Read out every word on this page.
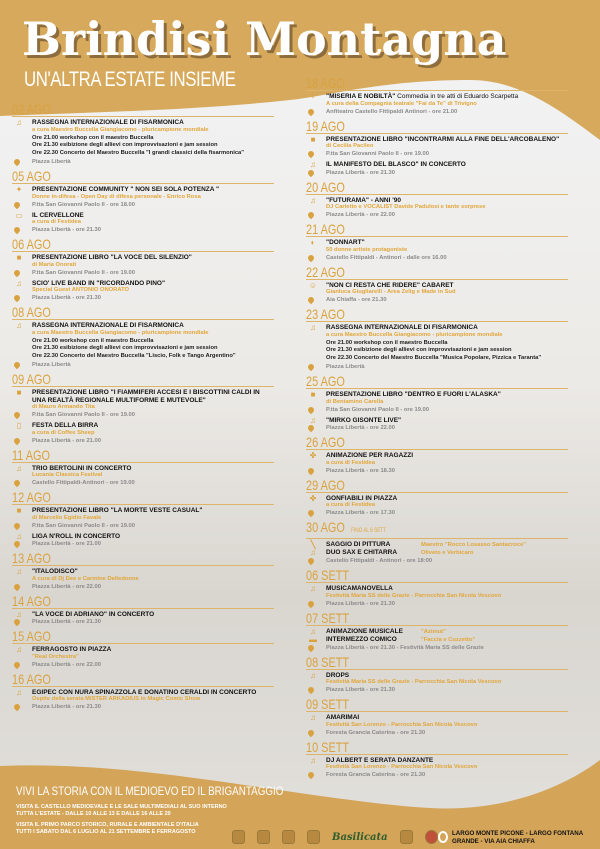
Brindisi Montagna
UN'ALTRA ESTATE INSIEME
02 AGO
♫	RASSEGNA INTERNAZIONALE DI FISARMONICA
a cura Maestro Buccella Giangiacomo - pluricampione mondiale
Ore 21.00 workshop con il maestro Buccella
Ore 21.30 esibizione degli allievi con improvvisazioni e jam session
Ore 22.30 Concerto del Maestro Buccella "I grandi classici della fisarmonica"
Piazza Libertà
05 AGO
✦ PRESENTAZIONE COMMUNITY " NON SEI SOLA POTENZA "
Donne in-difesa - Open Day di difesa personale - Enrico Rosa
P.tta San Giovanni Paolo II - ore 18.00
▭ IL CERVELLONE
a cura di Festidea
Piazza Libertà - ore 21.30
06 AGO
■	PRESENTAZIONE LIBRO "LA VOCE DEL SILENZIO"
di Maria Onorati
P.tta San Giovanni Paolo II - ore 19.00
♫	SCIO' LIVE BAND IN "RICORDANDO PINO"
Special Guest ANTONIO ONORATO
Piazza Libertà - ore 21.30
08 AGO
♫	RASSEGNA INTERNAZIONALE DI FISARMONICA
a cura Maestro Buccella Giangiacomo - pluricampione mondiale
Ore 21.00 workshop con il maestro Buccella
Ore 21.30 esibizione degli allievi con improvvisazioni e jam session
Ore 22.30 Concerto del Maestro Buccella "Liscio, Folk e Tango Argentino"
Piazza Libertà
09 AGO
■	PRESENTAZIONE LIBRO "I FIAMMIFERI ACCESI E I BISCOTTINI CALDI IN UNA REALTÀ REGIONALE MULTIFORME E MUTEVOLE"
di Mauro Armando Tita
P.tta San Giovanni Paolo II - ore 19.00
▯	FESTA DELLA BIRRA
a cura di Coffee Sheep
Piazza Libertà - ore 21.00
11 AGO
♫	TRIO BERTOLINI IN CONCERTO
Lucania Classica Festival
Castello Fittipaldi-Antinori - ore 19.00
12 AGO
■	PRESENTAZIONE LIBRO "LA MORTE VESTE CASUAL"
di Marcello Egidio Favale
P.tta San Giovanni Paolo II - ore 19.00
♫	LIGA N'ROLL IN CONCERTO
Piazza Libertà - ore 21.00
13 AGO
♫	"ITALODISCO"
A cura di Dj Dee e Carmine Delledonne
Piazza Libertà - ore 22.00
14 AGO
♫	"LA VOCE DI ADRIANO" IN CONCERTO
Piazza Libertà - ore 21.30
15 AGO
♫	FERRAGOSTO IN PIAZZA
"Real Orchestra"
Piazza Libertà - ore 22.00
16 AGO
♫	EGIPEC CON NURA SPINAZZOLA E DONATINO CERALDI IN CONCERTO
Ospite della serata MISTER ARKADIUS in Magic Comic Show
Piazza Libertà - ore 21.30
18 AGO
✧ "MISERIA E NOBILTÀ" Commedia in tre atti di Eduardo Scarpetta
A cura della Compagnia teatrale "Fai da Te" di Trivigno
Anfiteatro Castello Fittipaldi Antinori - ore 21.00
19 AGO
■	PRESENTAZIONE LIBRO "INCONTRARMI ALLA FINE DELL'ARCOBALENO"
di Cecilia Pacileo
P.tta San Giovanni Paolo II - ore 19.00
♫	IL MANIFESTO DEL BLASCO" IN CONCERTO
Piazza Libertà - ore 21.30
20 AGO
♫	"FUTURAMA" - ANNI '90
DJ Carletto e VOCALIST Davide Padulosi e tante sorprese
Piazza Libertà - ore 22.00
21 AGO
◐	"DONNART"
50 donne artiste protagoniste
Castello Fittipaldi - Antinori - dalle ore 16.00
22 AGO
☺ "NON CI RESTA CHE RIDERE" CABARET
Gianluca Giugliarelli - Area Zelig e Made in Sud
Aia Chiaffa - ore 21.30
23 AGO
♫	RASSEGNA INTERNAZIONALE DI FISARMONICA
a cura Maestro Buccella Giangiacomo - pluricampione mondiale
Ore 21.00 workshop con il maestro Buccella
Ore 21.30 esibizione degli allievi con improvvisazioni e jam session
Ore 22.30 Concerto del Maestro Buccella "Musica Popolare, Pizzica e Taranta"
Piazza Libertà
25 AGO
■	PRESENTAZIONE LIBRO "DENTRO E FUORI L'ALASKA"
di Beniamino Carella
P.tta San Giovanni Paolo II - ore 19.00
♫	"MIRKO GISONTE LIVE"
Piazza Libertà - ore 22.00
26 AGO
✤ ANIMAZIONE PER RAGAZZI
a cura di Festidea
Piazza Libertà - ore 18.30
29 AGO
✤ GONFIABILI IN PIAZZA
a cura di Festidea
Piazza Libertà - ore 17.30
30 AGO FINO AL 6 SETT
╲	SAGGIO DI PITTURA	Maestro "Rocco Losasso Santacroce"
♫	DUO SAX E CHITARRA	Oliveto e Verbicaro
Castello Fittipaldi - Antinori - ore 18:00
06 SETT
♫	MUSICAMANOVELLA
Festività Maria SS delle Grazie - Parrocchia San Nicola Vescovo
Piazza Libertà - ore 21.30
07 SETT
♫	ANIMAZIONE MUSICALE	"Azimut"
▬ INTERMEZZO COMICO	"Faccia e Cuzzetto"
Piazza Libertà - ore 21.30 - Festività Maria SS delle Grazie
08 SETT
♫	DROPS
Festività Maria SS delle Grazie - Parrocchia San Nicola Vescovo
Piazza Libertà - ore 21.30
09 SETT
♫	AMARIMAI
Festività San Lorenzo - Parrocchia San Nicola Vescovo
Foresta Grancia Caterina - ore 21.30
10 SETT
♫	DJ ALBERT E SERATA DANZANTE
Festività San Lorenzo - Parrocchia San Nicola Vescovo
Foresta Grancia Caterina - ore 21.30
VIVI LA STORIA CON IL MEDIOEVO ED IL BRIGANTAGGIO
VISITA IL CASTELLO MEDIOEVALE E LE SALE MULTIMEDIALI AL SUO INTERNO
TUTTA L'ESTATE - DALLE 10 ALLE 13 E DALLE 16 ALLE 20
VISITA IL PRIMO PARCO STORICO, RURALE E AMBIENTALE D'ITALIA
TUTTI I SABATO DAL 6 LUGLIO AL 21 SETTEMBRE E FERRAGOSTO	Basilicata	LARGO MONTE PICONE - LARGO FONTANA GRANDE - VIA AIA CHIAFFA
